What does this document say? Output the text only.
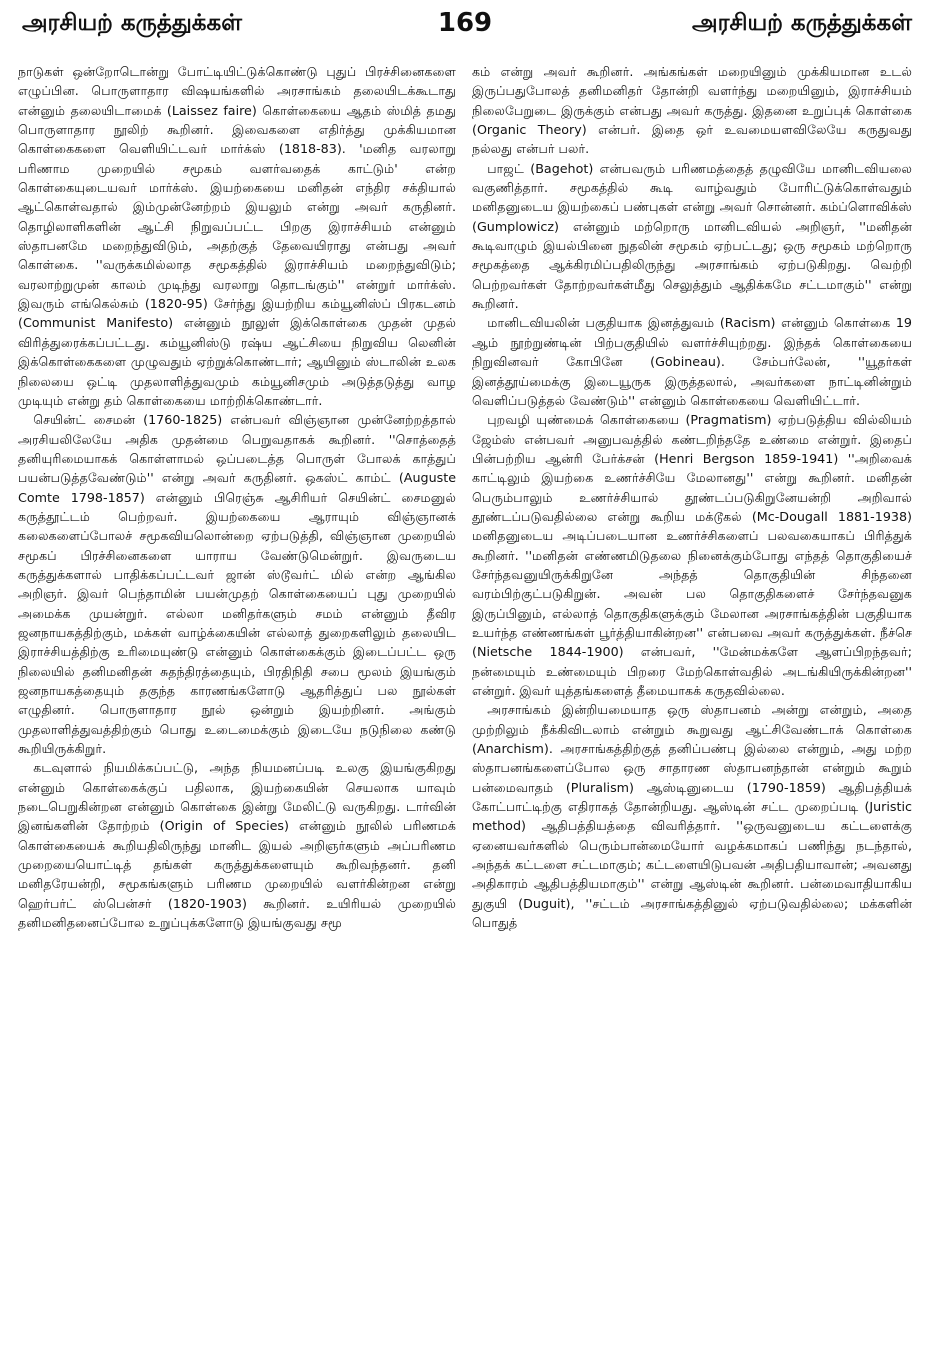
அரசியற் கருத்துக்கள்	169	அரசியற் கருத்துக்கள்

நாடுகள் ஒன்றோடொன்று போட்டியிட்டுக்கொண்டு புதுப் பிரச்சினைகளை எழுப்பின. பொருளாதார விஷயங்களில் அரசாங்கம் தலையிடக்கூடாது என்னும் தலையிடாமைக் (Laissez faire) கொள்கையை ஆதம் ஸ்மித் தமது பொருளாதார நூலிற் கூறினர். இவைகளை எதிர்த்து முக்கியமான கொள்கைகளை வெளியிட்டவர் மார்க்ஸ் (1818-83). 'மனித வரலாறு பரிணாம முறையில் சமூகம் வளர்வதைக் காட்டும்' என்ற கொள்கையுடையவர் மார்க்ஸ். இயற்கையை மனிதன் எந்திர சக்தியால் ஆட்கொள்வதால் இம்முன்னேற்றம் இயலும் என்று அவர் கருதினர். தொழிலாளிகளின் ஆட்சி நிறுவப்பட்ட பிறகு இராச்சியம் என்னும் ஸ்தாபனமே மறைந்துவிடும், அதற்குத் தேவையிராது என்பது அவர் கொள்கை. ''வருக்கமில்லாத சமூகத்தில் இராச்சியம் மறைந்துவிடும்; வரலாற்றுமுன் காலம் முடிந்து வரலாறு தொடங்கும்'' என்றுர் மார்க்ஸ். இவரும் எங்கெல்சும் (1820-95) சேர்ந்து இயற்றிய கம்யூனிஸ்ப் பிரகடனம் (Communist Manifesto) என்னும் நூலுள் இக்கொள்கை முதன் முதல் விரித்துரைக்கப்பட்டது. கம்யூனிஸ்டு ரஷ்ய ஆட்சியை நிறுவிய லெனின் இக்கொள்கைகளை முழுவதும் ஏற்றுக்கொண்டார்; ஆயினும் ஸ்டாலின் உலக நிலையை ஒட்டி முதலாளித்துவமும் கம்யூனிசமும் அடுத்தடுத்து வாழ முடியும் என்று தம் கொள்கையை மாற்றிக்கொண்டார்.

செயின்ட் சைமன் (1760-1825) என்பவர் விஞ்ஞான முன்னேற்றத்தால் அரசியலிலேயே அதிக முதன்மை பெறுவதாகக் கூறினர். ''சொத்தைத் தனியுரிமையாகக் கொள்ளாமல் ஒப்படைத்த பொருள் போலக் காத்துப் பயன்படுத்தவேண்டும்'' என்று அவர் கருதினர். ஒகஸ்ட் காம்ட் (Auguste Comte 1798-1857) என்னும் பிரெஞ்சு ஆசிரியர் செயின்ட் சைமனுல் கருத்தூட்டம் பெற்றவர். இயற்கையை ஆராயும் விஞ்ஞானக் கலைகளைப்போலச் சமூகவியலொன்றை ஏற்படுத்தி, விஞ்ஞான முறையில் சமூகப் பிரச்சினைகளை யாராய வேண்டுமென்றுர். இவருடைய கருத்துக்களால் பாதிக்கப்பட்டவர் ஜான் ஸ்டூவர்ட் மில் என்ற ஆங்கில அறிஞர். இவர் பெந்தாமின் பயன்முதற் கொள்கையைப் புது முறையில் அமைக்க முயன்றுர். எல்லா மனிதர்களும் சமம் என்னும் தீவிர ஜனநாயகத்திற்கும், மக்கள் வாழ்க்கையின் எல்லாத் துறைகளிலும் தலையிட இராச்சியத்திற்கு உரிமையுண்டு என்னும் கொள்கைக்கும் இடைப்பட்ட ஒரு நிலையில் தனிமனிதன் சுதந்திரத்தையும், பிரதிநிதி சபை மூலம் இயங்கும் ஜனநாயகத்தையும் தகுந்த காரணங்களோடு ஆதரித்துப் பல நூல்கள் எழுதினர். பொருளாதார நூல் ஒன்றும் இயற்றினர். அங்கும் முதலாளித்துவத்திற்கும் பொது உடைமைக்கும் இடையே நடுநிலை கண்டு கூறியிருக்கிறுர்.

கடவுளால் நியமிக்கப்பட்டு, அந்த நியமனப்படி உலகு இயங்குகிறது என்னும் கொள்கைக்குப் பதிலாக, இயற்கையின் செயலாக யாவும் நடைபெறுகின்றன என்னும் கொள்கை இன்று மேலிட்டு வருகிறது. டார்வின் இனங்களின் தோற்றம் (Origin of Species) என்னும் நூலில் பரிணமக் கொள்கையைக் கூறியதிலிருந்து மானிட இயல் அறிஞர்களும் அப்பரிணம முறையையொட்டித் தங்கள் கருத்துக்களையும் கூறிவந்தனர். தனி மனிதரேயன்றி, சமூகங்களும் பரிணம முறையில் வளர்கின்றன என்று ஹெர்பர்ட் ஸ்பென்சர் (1820-1903) கூறினர். உயிரியல் முறையில் தனிமனிதனைப்போல உறுப்புக்களோடு இயங்குவது சமூ

கம் என்று அவர் கூறினர். அங்கங்கள் மறையினும் முக்கியமான உடல் இருப்பதுபோலத் தனிமனிதர் தோன்றி வளர்ந்து மறையினும், இராச்சியம் நிலைபேறுடை இருக்கும் என்பது அவர் கருத்து. இதனை உறுப்புக் கொள்கை (Organic Theory) என்பர். இதை ஒர் உவமையளவிலேயே கருதுவது நல்லது என்பர் பலர்.

பாஜட் (Bagehot) என்பவரும் பரிணமத்தைத் தழுவியே மானிடவியலை வகுணித்தார். சமூகத்தில் கூடி வாழ்வதும் போரிட்டுக்கொள்வதும் மனிதனுடைய இயற்கைப் பண்புகள் என்று அவர் சொன்னர். கம்ப்ளொவிக்ஸ் (Gumplowicz) என்னும் மற்றொரு மானிடவியல் அறிஞர், ''மனிதன் கூடிவாழும் இயல்பினை நுதலின் சமூகம் ஏற்பட்டது; ஒரு சமூகம் மற்றொரு சமூகத்தை ஆக்கிரமிப்பதிலிருந்து அரசாங்கம் ஏற்படுகிறது. வெற்றி பெற்றவர்கள் தோற்றவர்கள்மீது செலுத்தும் ஆதிக்கமே சட்டமாகும்'' என்று கூறினர்.

மானிடவியலின் பகுதியாக இனத்துவம் (Racism) என்னும் கொள்கை 19 ஆம் நூற்றுண்டின் பிற்பகுதியில் வளர்ச்சியுற்றது. இந்தக் கொள்கையை நிறுவினவர் கோபினே (Gobineau). சேம்பர்லேன், ''யூதர்கள் இனத்தூய்மைக்கு இடையூருக இருத்தலால், அவர்களை நாட்டினின்றும் வெளிப்படுத்தல் வேண்டும்'' என்னும் கொள்கையை வெளியிட்டார்.

புறவழி யுண்மைக் கொள்கையை (Pragmatism) ஏற்படுத்திய வில்லியம் ஜேம்ஸ் என்பவர் அனுபவத்தில் கண்டறிந்ததே உண்மை என்றுர். இதைப் பின்பற்றிய ஆன்ரி பேர்க்சன் (Henri Bergson 1859-1941) ''அறிவைக் காட்டிலும் இயற்கை உணர்ச்சியே மேலானது'' என்று கூறினர். மனிதன் பெரும்பாலும் உணர்ச்சியால் தூண்டப்படுகிறுனேயன்றி அறிவால் தூண்டப்படுவதில்லை என்று கூறிய மக்டூகல் (Mc-Dougall 1881-1938) மனிதனுடைய அடிப்படையான உணர்ச்சிகளைப் பலவகையாகப் பிரித்துக் கூறினர். ''மனிதன் எண்ணமிடுதலை நினைக்கும்போது எந்தத் தொகுதியைச் சேர்ந்தவனுயிருக்கிறுனே அந்தத் தொகுதியின் சிந்தனை வரம்பிற்குட்படுகிறுன். அவன் பல தொகுதிகளைச் சேர்ந்தவனுக இருப்பினும், எல்லாத் தொகுதிகளுக்கும் மேலான அரசாங்கத்தின் பகுதியாக உயர்ந்த எண்ணங்கள் பூர்த்தியாகின்றன'' என்பவை அவர் கருத்துக்கள். நீச்செ (Nietsche 1844-1900) என்பவர், ''மேன்மக்களே ஆளப்பிறந்தவர்; நன்மையும் உண்மையும் பிறரை மேற்கொள்வதில் அடங்கியிருக்கின்றன'' என்றுர். இவர் யுத்தங்களைத் தீமையாகக் கருதவில்லை.

அரசாங்கம் இன்றியமையாத ஒரு ஸ்தாபனம் அன்று என்றும், அதை முற்றிலும் நீக்கிவிடலாம் என்றும் கூறுவது ஆட்சிவேண்டாக் கொள்கை (Anarchism). அரசாங்கத்திற்குத் தனிப்பண்பு இல்லை என்றும், அது மற்ற ஸ்தாபனங்களைப்போல ஒரு சாதாரண ஸ்தாபனந்தான் என்றும் கூறும் பன்மைவாதம் (Pluralism) ஆஸ்டினுடைய (1790-1859) ஆதிபத்தியக் கோட்பாட்டிற்கு எதிராகத் தோன்றியது. ஆஸ்டின் சட்ட முறைப்படி (Juristic method) ஆதிபத்தியத்தை விவரித்தார். ''ஒருவனுடைய கட்டளைக்கு ஏனையவர்களில் பெரும்பான்மையோர் வழக்கமாகப் பணிந்து நடந்தால், அந்தக் கட்டளை சட்டமாகும்; கட்டளையிடுபவன் அதிபதியாவான்; அவனது அதிகாரம் ஆதிபத்தியமாகும்'' என்று ஆஸ்டின் கூறினர். பன்மைவாதியாகிய துகுயி (Duguit), ''சட்டம் அரசாங்கத்தினுல் ஏற்படுவதில்லை; மக்களின் பொதுத்
